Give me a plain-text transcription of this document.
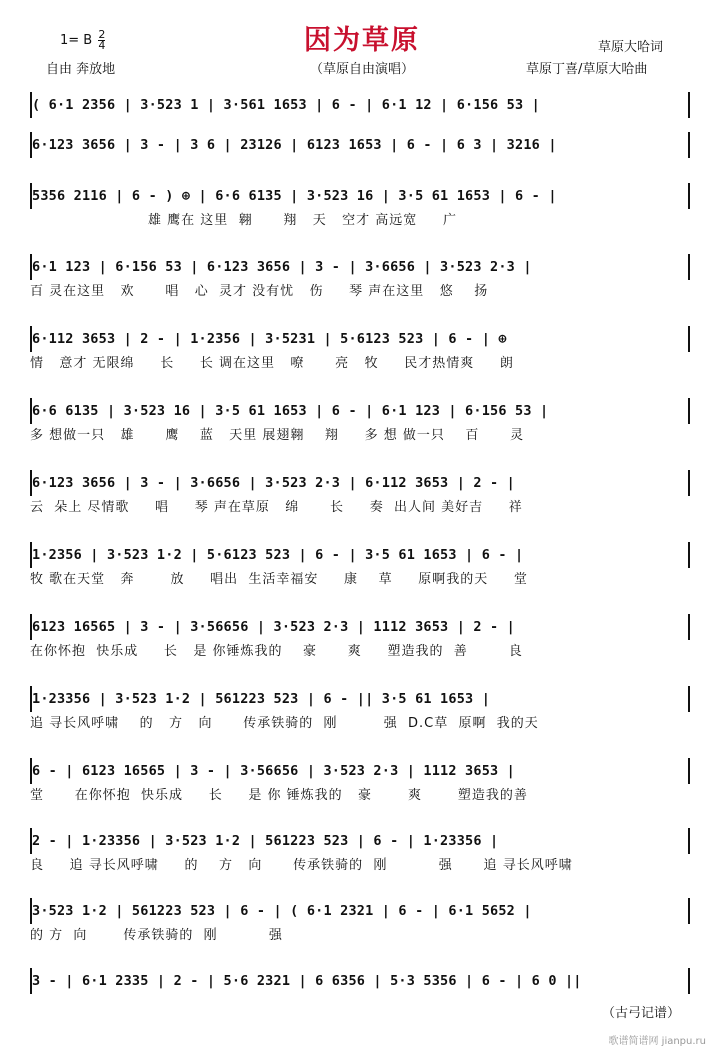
1= B $\frac{2}{4}$
自由 奔放地
因为草原
（草原自由演唱）
草原大哈词
草原丁喜/草原大哈曲
( 6·1 2356 | 3·523 1 | 3·561 1653 | 6 - | 6·1 12 | 6·156 53 |
6·123 3656 | 3 - | 3 6 | 23126 | 6123 1653 | 6 - | 6 3 | 3216 |
5356 2116 | 6 - ) ⊕ | 6·6 6135 | 3·523 16 | 3·5 61 1653 | 6 - |
雄 鹰在 这里  翱      翔   天   空才 高远宽     广
6·1 123 | 6·156 53 | 6·123 3656 | 3 - | 3·6656 | 3·523 2·3 |
百 灵在这里   欢      唱   心  灵才 没有忧   伤     琴 声在这里   悠    扬
6·112 3653 | 2 - | 1·2356 | 3·5231 | 5·6123 523 | 6 - | ⊕
情   意才 无限绵     长     长 调在这里   嘹      亮   牧     民才热情爽     朗
6·6 6135 | 3·523 16 | 3·5 61 1653 | 6 - | 6·1 123 | 6·156 53 |
多 想做一只   雄      鹰    蓝   天里 展翅翱    翔     多 想 做一只    百      灵
6·123 3656 | 3 - | 3·6656 | 3·523 2·3 | 6·112 3653 | 2 - |
云  朵上 尽情歌     唱     琴 声在草原   绵      长     奏  出人间 美好吉     祥
1·2356 | 3·523 1·2 | 5·6123 523 | 6 - | 3·5 61 1653 | 6 - |
牧 歌在天堂   奔       放     唱出  生活幸福安     康    草     原啊我的天     堂
6123 16565 | 3 - | 3·56656 | 3·523 2·3 | 1112 3653 | 2 - |
在你怀抱  快乐成     长   是 你锤炼我的    豪      爽     塑造我的  善        良
1·23356 | 3·523 1·2 | 561223 523 | 6 - || 3·5 61 1653 |
追 寻长风呼啸    的   方   向      传承铁骑的  刚         强  D.C草  原啊  我的天
6 - | 6123 16565 | 3 - | 3·56656 | 3·523 2·3 | 1112 3653 |
堂      在你怀抱  快乐成     长     是 你 锤炼我的   豪       爽       塑造我的善
2 - | 1·23356 | 3·523 1·2 | 561223 523 | 6 - | 1·23356 |
良     追 寻长风呼啸     的    方   向      传承铁骑的  刚          强      追 寻长风呼啸
3·523 1·2 | 561223 523 | 6 - | ( 6·1 2321 | 6 - | 6·1 5652 |
的 方  向       传承铁骑的  刚          强
3 - | 6·1 2335 | 2 - | 5·6 2321 | 6 6356 | 5·3 5356 | 6 - | 6 0 ||
（古弓记谱）
歌谱简谱网 jianpu.ru
